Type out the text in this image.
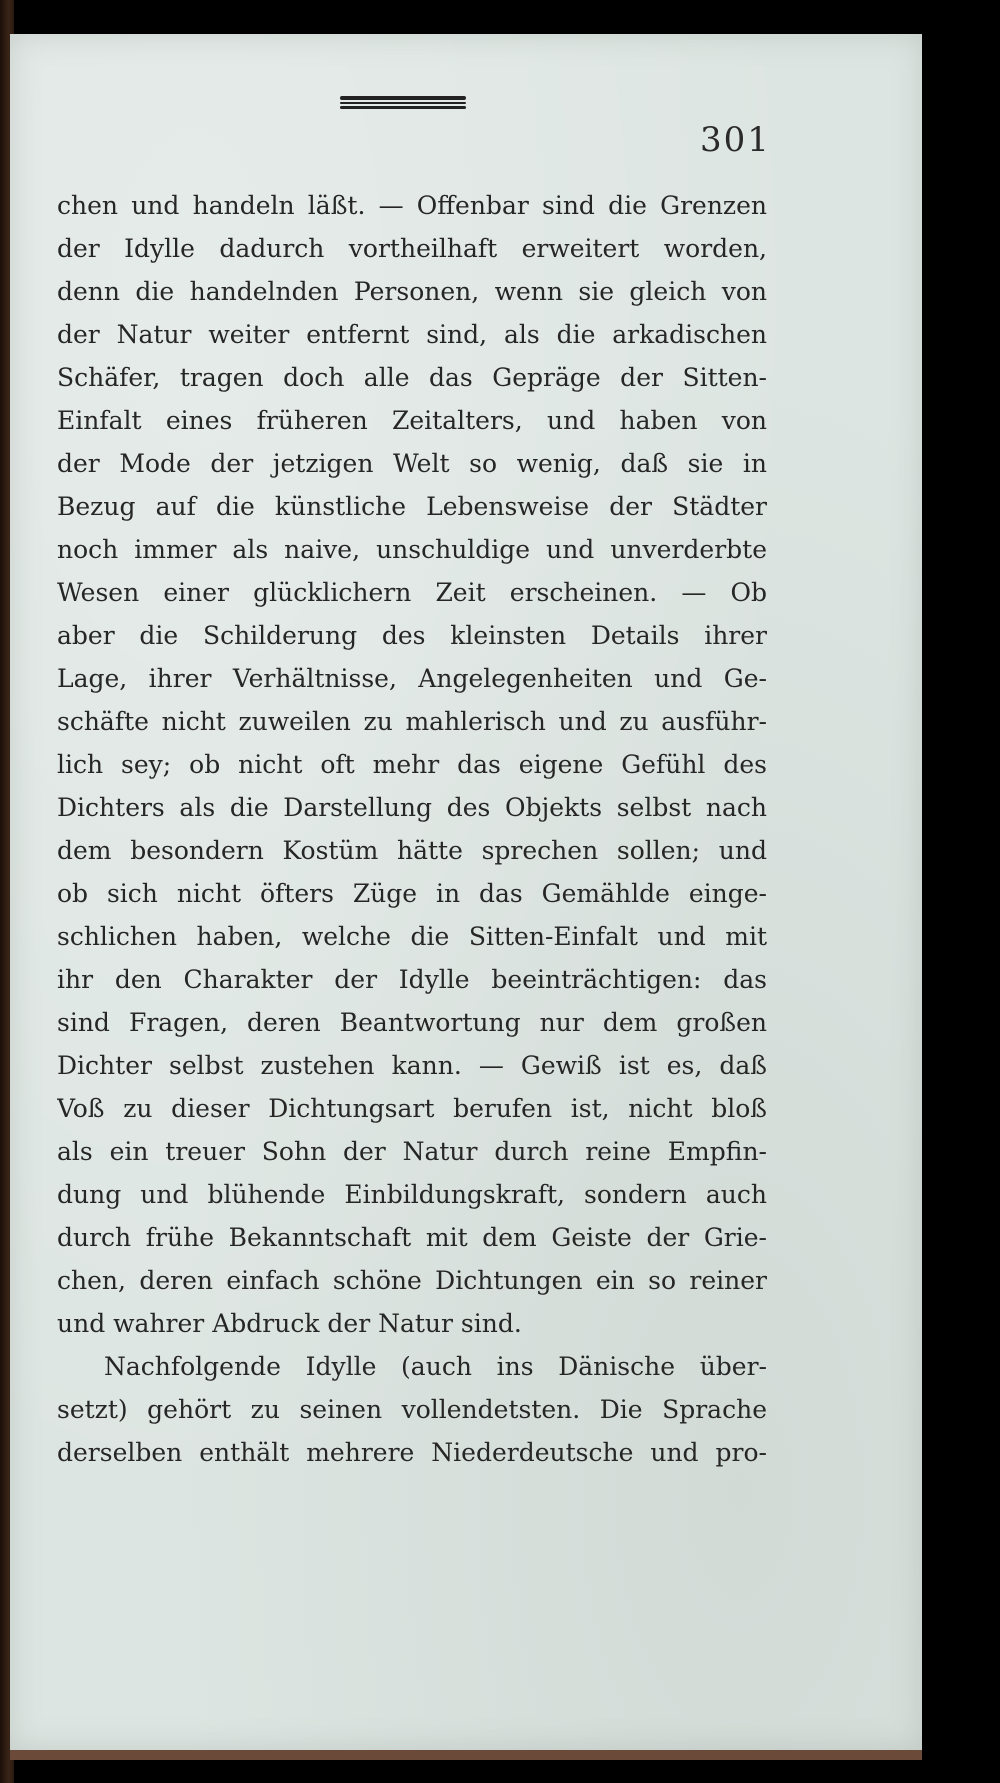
301
chen und handeln läßt. — Offenbar sind die Grenzen
der Idylle dadurch vortheilhaft erweitert worden,
denn die handelnden Personen, wenn sie gleich von
der Natur weiter entfernt sind, als die arkadischen
Schäfer, tragen doch alle das Gepräge der Sitten-
Einfalt eines früheren Zeitalters, und haben von
der Mode der jetzigen Welt so wenig, daß sie in
Bezug auf die künstliche Lebensweise der Städter
noch immer als naive, unschuldige und unverderbte
Wesen einer glücklichern Zeit erscheinen. — Ob
aber die Schilderung des kleinsten Details ihrer
Lage, ihrer Verhältnisse, Angelegenheiten und Ge-
schäfte nicht zuweilen zu mahlerisch und zu ausführ-
lich sey; ob nicht oft mehr das eigene Gefühl des
Dichters als die Darstellung des Objekts selbst nach
dem besondern Kostüm hätte sprechen sollen; und
ob sich nicht öfters Züge in das Gemählde einge-
schlichen haben, welche die Sitten-Einfalt und mit
ihr den Charakter der Idylle beeinträchtigen: das
sind Fragen, deren Beantwortung nur dem großen
Dichter selbst zustehen kann. — Gewiß ist es, daß
Voß zu dieser Dichtungsart berufen ist, nicht bloß
als ein treuer Sohn der Natur durch reine Empfin-
dung und blühende Einbildungskraft, sondern auch
durch frühe Bekanntschaft mit dem Geiste der Grie-
chen, deren einfach schöne Dichtungen ein so reiner
und wahrer Abdruck der Natur sind.
Nachfolgende Idylle (auch ins Dänische über-
setzt) gehört zu seinen vollendetsten. Die Sprache
derselben enthält mehrere Niederdeutsche und pro-
